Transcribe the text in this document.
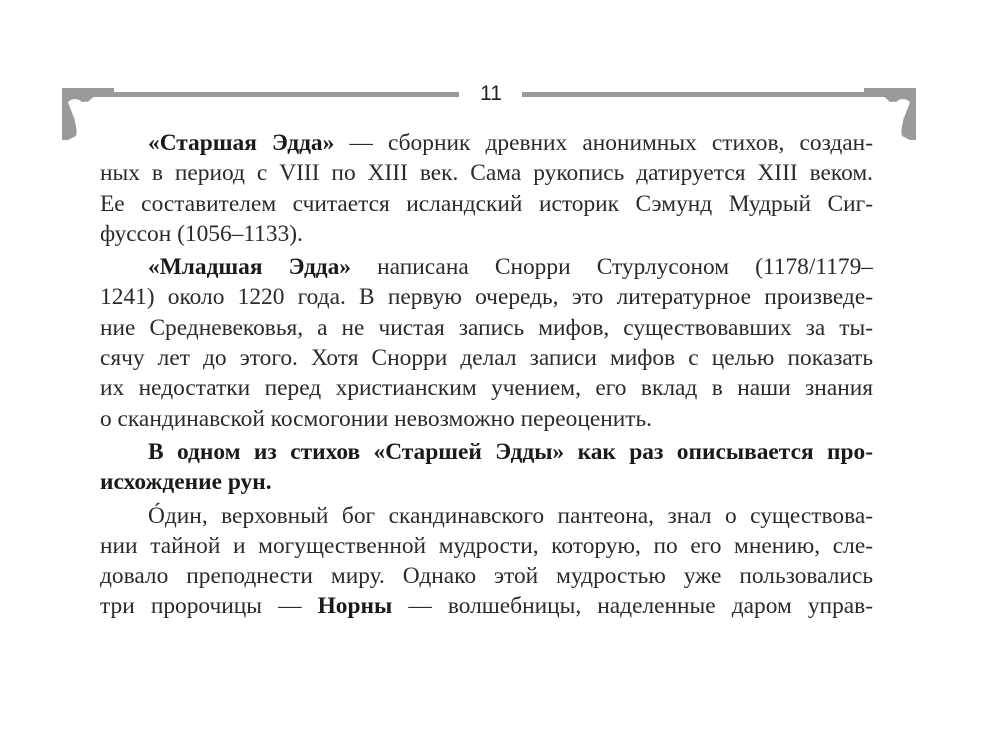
11

«Старшая Эдда» — сборник древних анонимных стихов, создан-
ных в период с VIII по XIII век. Сама рукопись датируется XIII веком.
Ее составителем считается исландский историк Сэмунд Мудрый Сиг-
фуссон (1056–1133).

«Младшая Эдда» написана Снорри Стурлусоном (1178/1179–
1241) около 1220 года. В первую очередь, это литературное произведе-
ние Средневековья, а не чистая запись мифов, существовавших за ты-
сячу лет до этого. Хотя Снорри делал записи мифов с целью показать
их недостатки перед христианским учением, его вклад в наши знания
о скандинавской космогонии невозможно переоценить.

В одном из стихов «Старшей Эдды» как раз описывается про-
исхождение рун.

Óдин, верховный бог скандинавского пантеона, знал о существова-
нии тайной и могущественной мудрости, которую, по его мнению, сле-
довало преподнести миру. Однако этой мудростью уже пользовались
три пророчицы — Норны — волшебницы, наделенные даром управ-
